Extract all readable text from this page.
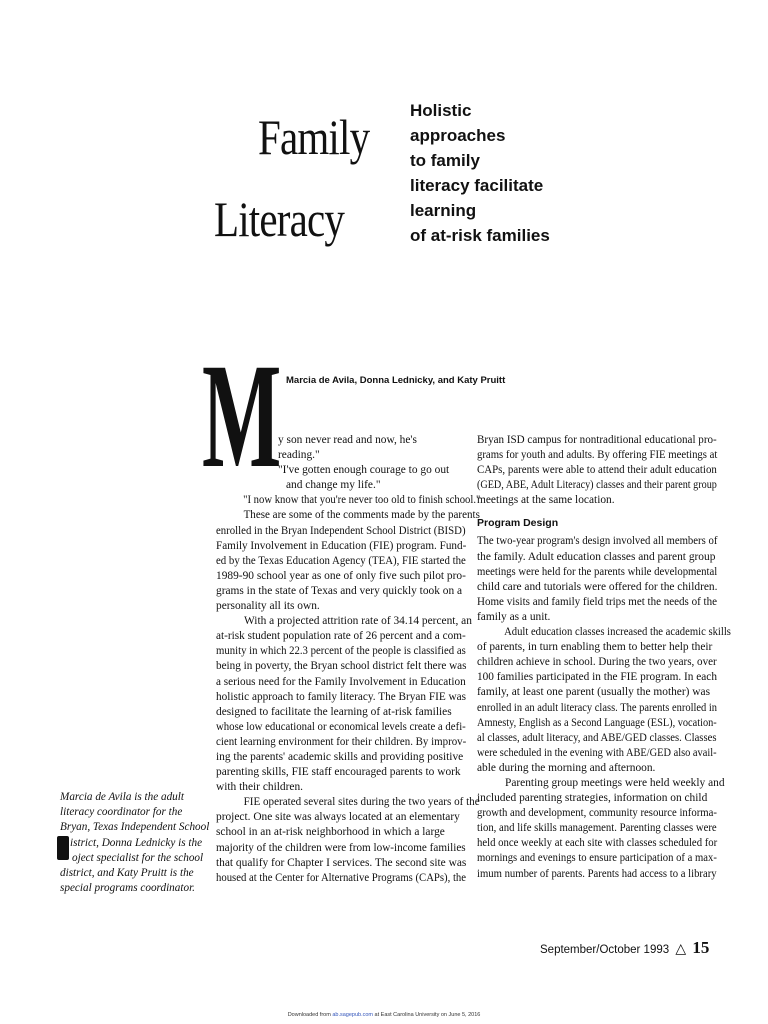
Family
Literacy
Holistic
approaches
to family
literacy facilitate
learning
of at-risk families
M Marcia de Avila, Donna Lednicky, and Katy Pruitt
y son never read and now, he's
reading."
"I've gotten enough courage to go out
and change my life."
"I now know that you're never too old to finish school."
These are some of the comments made by the parents
enrolled in the Bryan Independent School District (BISD)
Family Involvement in Education (FIE) program. Fund-
ed by the Texas Education Agency (TEA), FIE started the
1989-90 school year as one of only five such pilot pro-
grams in the state of Texas and very quickly took on a
personality all its own.
With a projected attrition rate of 34.14 percent, an
at-risk student population rate of 26 percent and a com-
munity in which 22.3 percent of the people is classified as
being in poverty, the Bryan school district felt there was
a serious need for the Family Involvement in Education
holistic approach to family literacy. The Bryan FIE was
designed to facilitate the learning of at-risk families
whose low educational or economical levels create a defi-
cient learning environment for their children. By improv-
ing the parents' academic skills and providing positive
parenting skills, FIE staff encouraged parents to work
with their children.
FIE operated several sites during the two years of the
project. One site was always located at an elementary
school in an at-risk neighborhood in which a large
majority of the children were from low-income families
that qualify for Chapter I services. The second site was
housed at the Center for Alternative Programs (CAPs), the
Bryan ISD campus for nontraditional educational pro-
grams for youth and adults. By offering FIE meetings at
CAPs, parents were able to attend their adult education
(GED, ABE, Adult Literacy) classes and their parent group
meetings at the same location.
Program Design
The two-year program's design involved all members of
the family. Adult education classes and parent group
meetings were held for the parents while developmental
child care and tutorials were offered for the children.
Home visits and family field trips met the needs of the
family as a unit.
Adult education classes increased the academic skills
of parents, in turn enabling them to better help their
children achieve in school. During the two years, over
100 families participated in the FIE program. In each
family, at least one parent (usually the mother) was
enrolled in an adult literacy class. The parents enrolled in
Amnesty, English as a Second Language (ESL), vocation-
al classes, adult literacy, and ABE/GED classes. Classes
were scheduled in the evening with ABE/GED also avail-
able during the morning and afternoon.
Parenting group meetings were held weekly and
included parenting strategies, information on child
growth and development, community resource informa-
tion, and life skills management. Parenting classes were
held once weekly at each site with classes scheduled for
mornings and evenings to ensure participation of a max-
imum number of parents. Parents had access to a library
Marcia de Avila is the adult
literacy coordinator for the
Bryan, Texas Independent School
istrict, Donna Lednicky is the
oject specialist for the school
district, and Katy Pruitt is the
special programs coordinator.
September/October 1993 △ 15
Downloaded from ab.sagepub.com at East Carolina University on June 5, 2016
